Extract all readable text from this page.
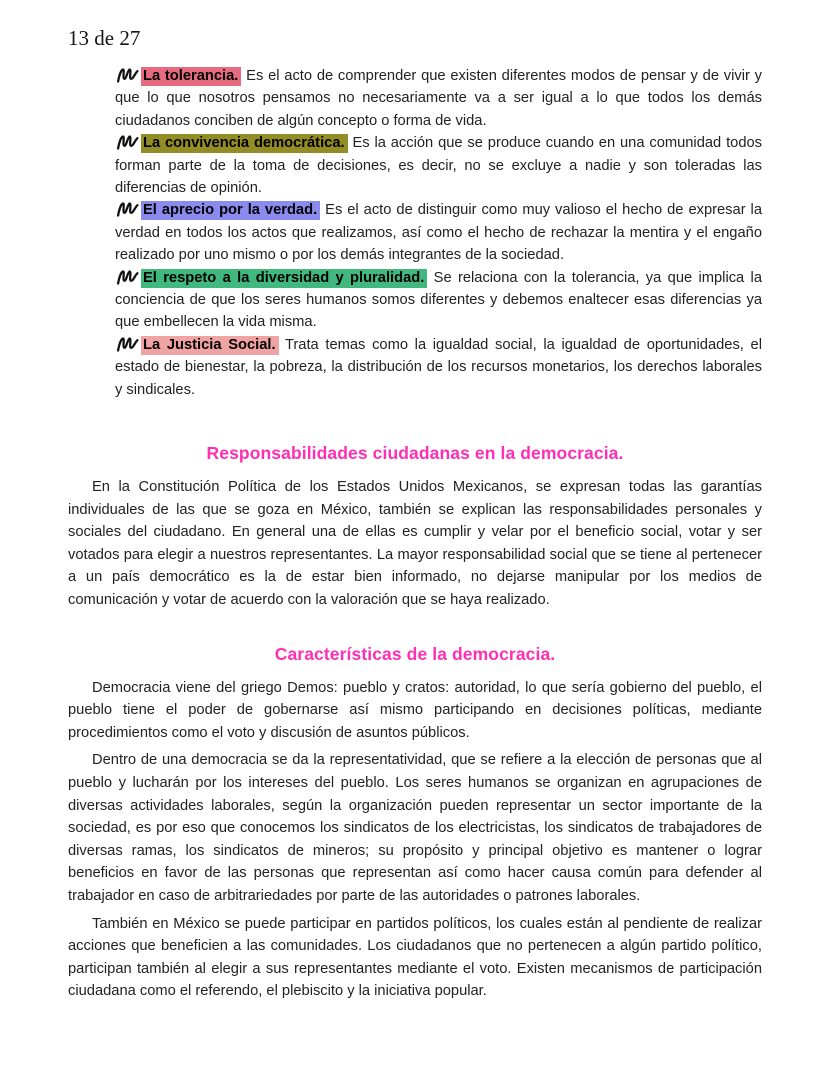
13 de 27

La tolerancia. Es el acto de comprender que existen diferentes modos de pensar y de vivir y que lo que nosotros pensamos no necesariamente va a ser igual a lo que todos los demás ciudadanos conciben de algún concepto o forma de vida.

La convivencia democrática. Es la acción que se produce cuando en una comunidad todos forman parte de la toma de decisiones, es decir, no se excluye a nadie y son toleradas las diferencias de opinión.

El aprecio por la verdad. Es el acto de distinguir como muy valioso el hecho de expresar la verdad en todos los actos que realizamos, así como el hecho de rechazar la mentira y el engaño realizado por uno mismo o por los demás integrantes de la sociedad.

El respeto a la diversidad y pluralidad. Se relaciona con la tolerancia, ya que implica la conciencia de que los seres humanos somos diferentes y debemos enaltecer esas diferencias ya que embellecen la vida misma.

La Justicia Social. Trata temas como la igualdad social, la igualdad de oportunidades, el estado de bienestar, la pobreza, la distribución de los recursos monetarios, los derechos laborales y sindicales.

Responsabilidades ciudadanas en la democracia.

En la Constitución Política de los Estados Unidos Mexicanos, se expresan todas las garantías individuales de las que se goza en México, también se explican las responsabilidades personales y sociales del ciudadano. En general una de ellas es cumplir y velar por el beneficio social, votar y ser votados para elegir a nuestros representantes. La mayor responsabilidad social que se tiene al pertenecer a un país democrático es la de estar bien informado, no dejarse manipular por los medios de comunicación y votar de acuerdo con la valoración que se haya realizado.

Características de la democracia.

Democracia viene del griego Demos: pueblo y cratos: autoridad, lo que sería gobierno del pueblo, el pueblo tiene el poder de gobernarse así mismo participando en decisiones políticas, mediante procedimientos como el voto y discusión de asuntos públicos.

Dentro de una democracia se da la representatividad, que se refiere a la elección de personas que al pueblo y lucharán por los intereses del pueblo. Los seres humanos se organizan en agrupaciones de diversas actividades laborales, según la organización pueden representar un sector importante de la sociedad, es por eso que conocemos los sindicatos de los electricistas, los sindicatos de trabajadores de diversas ramas, los sindicatos de mineros; su propósito y principal objetivo es mantener o lograr beneficios en favor de las personas que representan así como hacer causa común para defender al trabajador en caso de arbitrariedades por parte de las autoridades o patrones laborales.

También en México se puede participar en partidos políticos, los cuales están al pendiente de realizar acciones que beneficien a las comunidades. Los ciudadanos que no pertenecen a algún partido político, participan también al elegir a sus representantes mediante el voto. Existen mecanismos de participación ciudadana como el referendo, el plebiscito y la iniciativa popular.
